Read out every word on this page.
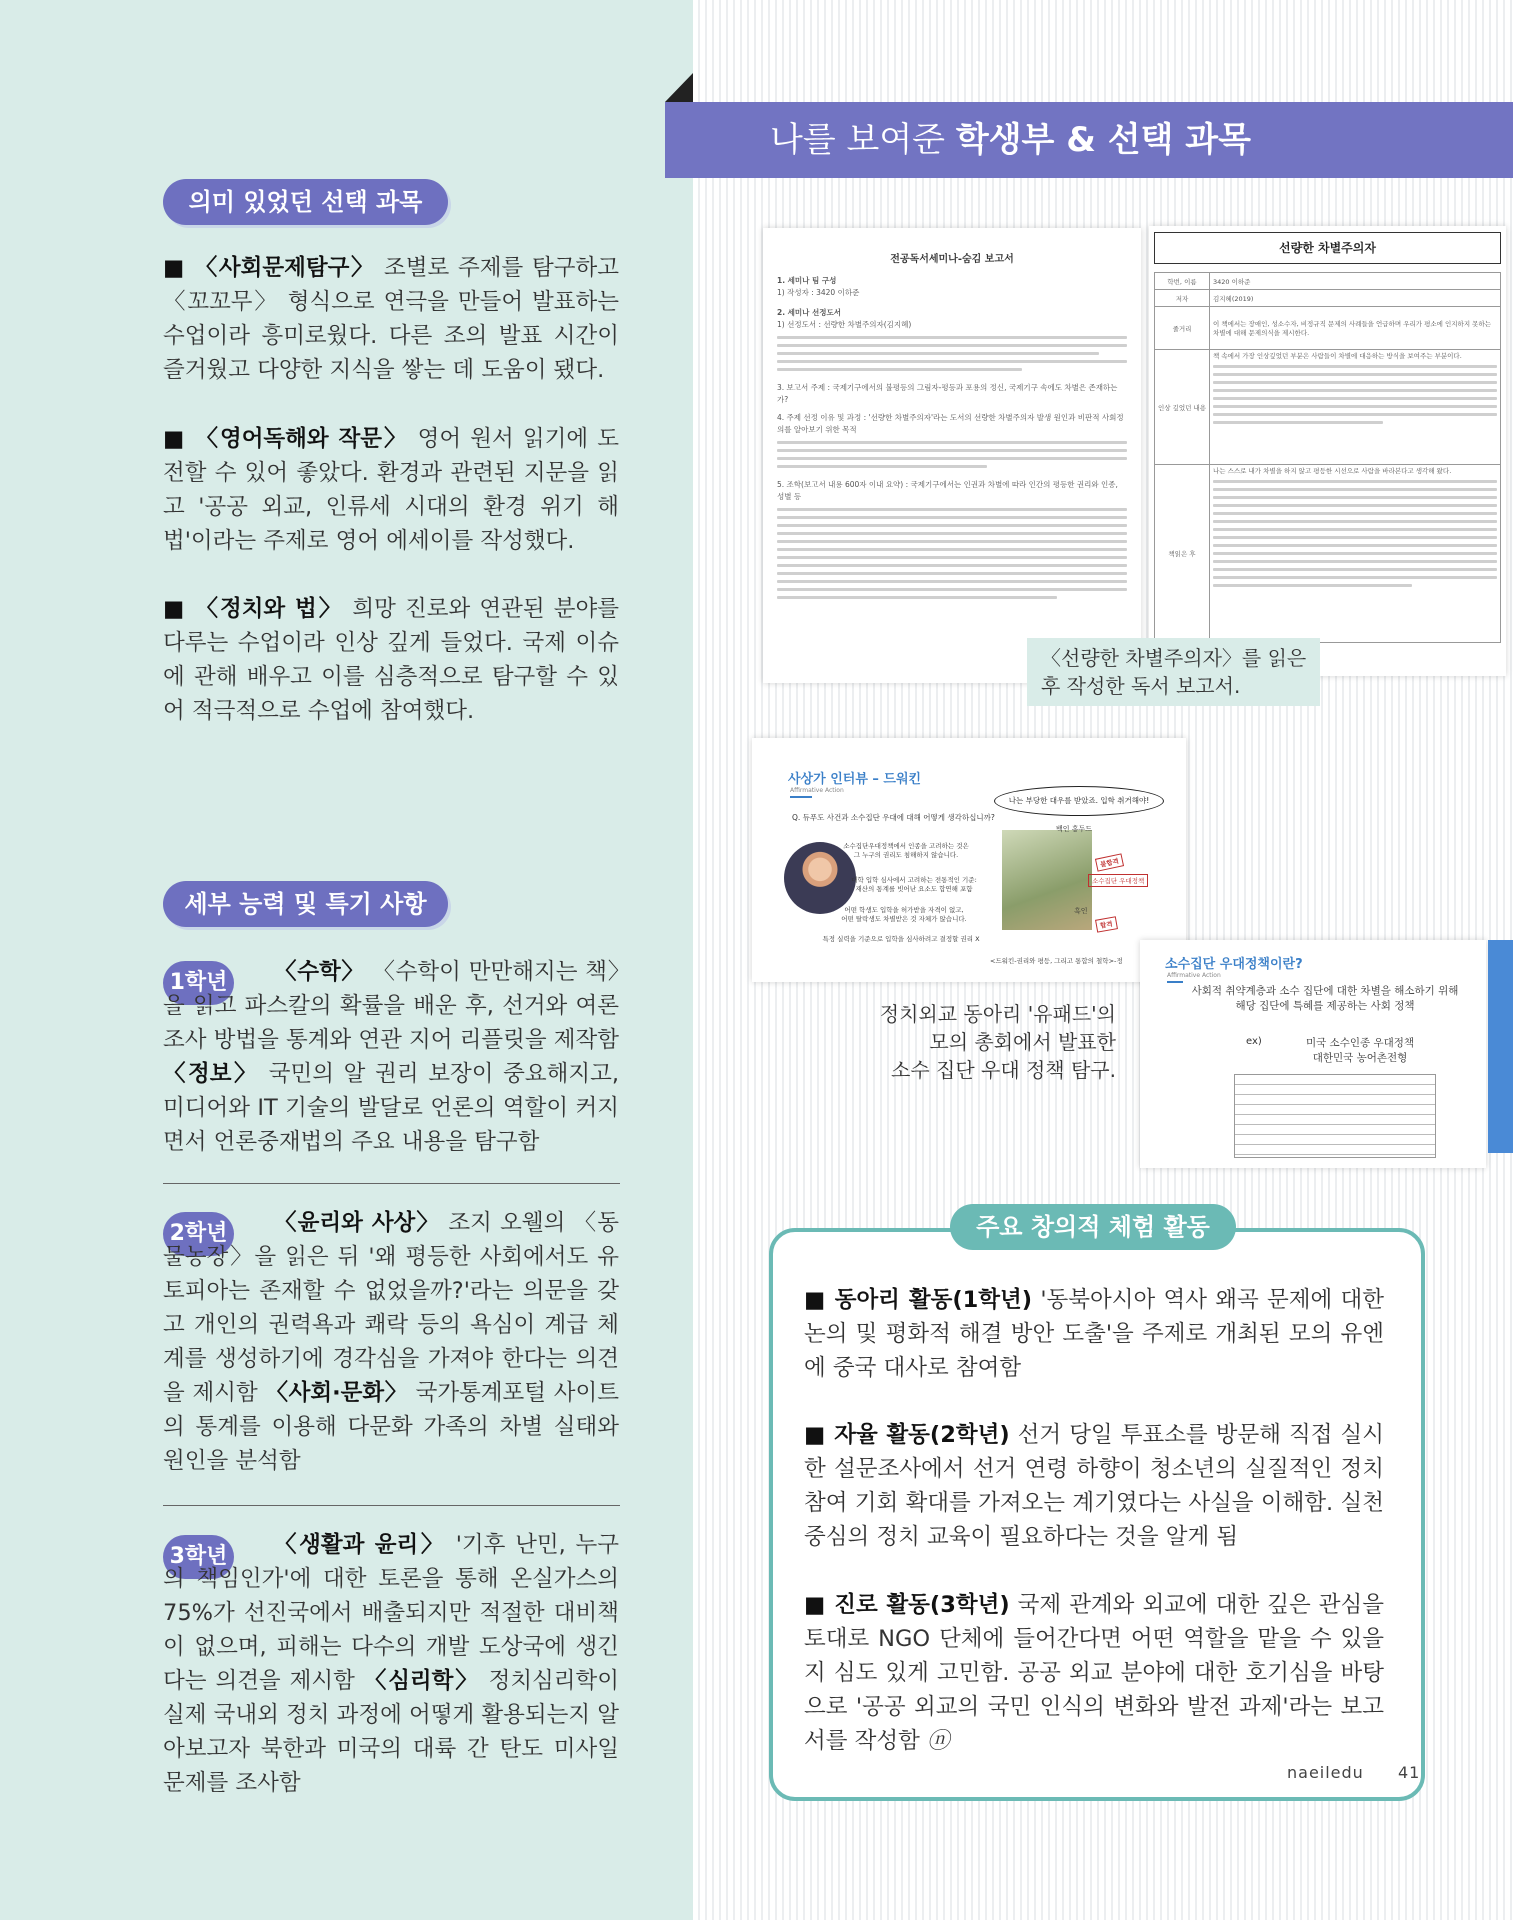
나를 보여준 학생부 & 선택 과목
의미 있었던 선택 과목

■ 〈사회문제탐구〉 조별로 주제를 탐구하고 〈꼬꼬무〉 형식으로 연극을 만들어 발표하는 수업이라 흥미로웠다. 다른 조의 발표 시간이 즐거웠고 다양한 지식을 쌓는 데 도움이 됐다.

■ 〈영어독해와 작문〉 영어 원서 읽기에 도전할 수 있어 좋았다. 환경과 관련된 지문을 읽고 '공공 외교, 인류세 시대의 환경 위기 해법'이라는 주제로 영어 에세이를 작성했다.

■ 〈정치와 법〉 희망 진로와 연관된 분야를 다루는 수업이라 인상 깊게 들었다. 국제 이슈에 관해 배우고 이를 심층적으로 탐구할 수 있어 적극적으로 수업에 참여했다.

세부 능력 및 특기 사항
1학년	〈수학〉 〈수학이 만만해지는 책〉을 읽고 파스칼의 확률을 배운 후, 선거와 여론조사 방법을 통계와 연관 지어 리플릿을 제작함 〈정보〉 국민의 알 권리 보장이 중요해지고, 미디어와 IT 기술의 발달로 언론의 역할이 커지면서 언론중재법의 주요 내용을 탐구함

2학년	〈윤리와 사상〉 조지 오웰의 〈동물농장〉을 읽은 뒤 '왜 평등한 사회에서도 유토피아는 존재할 수 없었을까?'라는 의문을 갖고 개인의 권력욕과 쾌락 등의 욕심이 계급 체계를 생성하기에 경각심을 가져야 한다는 의견을 제시함 〈사회·문화〉 국가통계포털 사이트의 통계를 이용해 다문화 가족의 차별 실태와 원인을 분석함

3학년	〈생활과 윤리〉 '기후 난민, 누구의 책임인가'에 대한 토론을 통해 온실가스의 75%가 선진국에서 배출되지만 적절한 대비책이 없으며, 피해는 다수의 개발 도상국에 생긴다는 의견을 제시함 〈심리학〉 정치심리학이 실제 국내외 정치 과정에 어떻게 활용되는지 알아보고자 북한과 미국의 대륙 간 탄도 미사일 문제를 조사함

전공독서세미나-숨김 보고서
1. 세미나 팀 구성
1) 작성자 : 3420 이하준
2. 세미나 선정도서
1) 선정도서 : 선량한 차별주의자(김지혜)
3. 보고서 주제 : 국제기구에서의 불평등의 그림자-평등과 포용의 정신, 국제기구 속에도 차별은 존재하는가?
4. 주제 선정 이유 및 과정 : '선량한 차별주의자'라는 도서의 선량한 차별주의자 발생 원인과 비판적 사회정의를 알아보기 위한 목적
5. 조학(보고서 내용 600자 이내 요약) : 국제기구에서는 인권과 차별에 따라 인간의 평등한 권리와 인종, 성별 등
선량한 차별주의자
학번, 이름	3420 이하준
저자	김지혜(2019)
줄거리	이 책에서는 장애인, 성소수자, 비정규직 문제의 사례들을 언급하며 우리가 평소에 인지하지 못하는 차별에 대해 문제의식을 제시한다.
인상 깊었던 내용	책 속에서 가장 인상깊었던 부분은 사람들이 차별에 대응하는 방식을 보여주는 부분이다.

책읽은 후	나는 스스로 내가 차별을 하지 않고 평등한 시선으로 사람을 바라본다고 생각해 왔다.
〈선량한 차별주의자〉를 읽은
후 작성한 독서 보고서.
사상가 인터뷰 – 드워킨
Affirmative Action
Q. 듀푸도 사건과 소수집단 우대에 대해 어떻게 생각하십니까?
나는 부당한 대우를 받았죠. 입학 취거해야!
소수집단우대정책에서 인종을 고려하는 것은
그 누구의 권리도 침해하지 않습니다.
대학 입학 심사에서 고려하는 전통적인 기준:
재산의 통계를 빗어난 요소도 합연해 포함
어떤 학생도 입학을 허가받을 자격이 없고,
어떤 탈락생도 차별받은 것 자체가 않습니다.
특정 실력을 기준으로 입학을 심사하려고 결정할 권리 X
백인 홍두드
불합격
소수집단 우대정책
흑인
합격
<드워킨-권리와 평등, 그리고 통합의 철학>-정
정치외교 동아리 '유패드'의
모의 총회에서 발표한
소수 집단 우대 정책 탐구.
소수집단 우대정책이란?
Affirmative Action
사회적 취약계층과 소수 집단에 대한 차별을 해소하기 위해
해당 집단에 특혜를 제공하는 사회 정책
ex)	미국 소수인종 우대정책
대한민국 농어촌전형
주요 창의적 체험 활동

■ 동아리 활동(1학년) '동북아시아 역사 왜곡 문제에 대한 논의 및 평화적 해결 방안 도출'을 주제로 개최된 모의 유엔에 중국 대사로 참여함

■ 자율 활동(2학년) 선거 당일 투표소를 방문해 직접 실시한 설문조사에서 선거 연령 하향이 청소년의 실질적인 정치 참여 기회 확대를 가져오는 계기였다는 사실을 이해함. 실천 중심의 정치 교육이 필요하다는 것을 알게 됨

■ 진로 활동(3학년) 국제 관계와 외교에 대한 깊은 관심을 토대로 NGO 단체에 들어간다면 어떤 역할을 맡을 수 있을지 심도 있게 고민함. 공공 외교 분야에 대한 호기심을 바탕으로 '공공 외교의 국민 인식의 변화와 발전 과제'라는 보고서를 작성함 ⓝ

naeiledu 41
